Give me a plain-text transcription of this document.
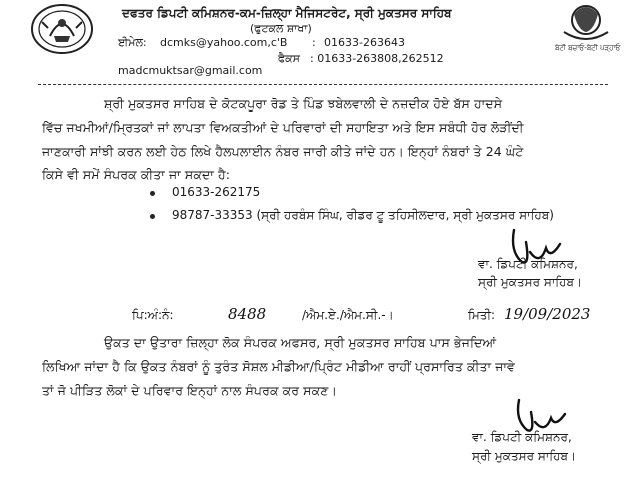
ਬੇਟੀ ਬਚਾਓ-ਬੇਟੀ ਪੜ੍ਹਾਓ
ਦਫਤਰ ਡਿਪਟੀ ਕਮਿਸ਼ਨਰ-ਕਮ-ਜ਼ਿਲ੍ਹਾ ਮੈਜਿਸਟਰੇਟ, ਸ੍ਰੀ ਮੁਕਤਸਰ ਸਾਹਿਬ
(ਫੁਟਕਲ ਸ਼ਾਖਾ)
ਈਮੇਲ: dcmks@yahoo.com,c'B : 01633-263643
ਫੈਕਸ : 01633-263808,262512
madcmuktsar@gmail.com
ਸ਼੍ਰੀ ਮੁਕਤਸਰ ਸਾਹਿਬ ਦੇ ਕੋਟਕਪੂਰਾ ਰੋਡ ਤੇ ਪਿੰਡ ਝਬੇਲਵਾਲੀ ਦੇ ਨਜ਼ਦੀਕ ਹੋਏ ਬੱਸ ਹਾਦਸੇ
ਵਿੱਚ ਜਖਮੀਆਂ/ਮ੍ਰਿਤਕਾਂ ਜਾਂ ਲਾਪਤਾ ਵਿਅਕਤੀਆਂ ਦੇ ਪਰਿਵਾਰਾਂ ਦੀ ਸਹਾਇਤਾ ਅਤੇ ਇਸ ਸਬੰਧੀ ਹੋਰ ਲੋੜੀਂਦੀ
ਜਾਣਕਾਰੀ ਸਾਂਝੀ ਕਰਨ ਲਈ ਹੇਠ ਲਿਖੇ ਹੈਲਪਲਾਈਨ ਨੰਬਰ ਜਾਰੀ ਕੀਤੇ ਜਾਂਦੇ ਹਨ। ਇਨ੍ਹਾਂ ਨੰਬਰਾਂ ਤੇ 24 ਘੰਟੇ
ਕਿਸੇ ਵੀ ਸਮੇਂ ਸੰਪਰਕ ਕੀਤਾ ਜਾ ਸਕਦਾ ਹੈ:
01633-262175
98787-33353 (ਸ੍ਰੀ ਹਰਬੰਸ ਸਿੰਘ, ਰੀਡਰ ਟੂ ਤਹਿਸੀਲਦਾਰ, ਸ੍ਰੀ ਮੁਕਤਸਰ ਸਾਹਿਬ)
ਵਾ. ਡਿਪਟੀ ਕਮਿਸ਼ਨਰ,
ਸ੍ਰੀ ਮੁਕਤਸਰ ਸਾਹਿਬ।
ਪਿ:ਅੰ:ਨੰ:	8488	/ਐਮ.ਏ./ਐਮ.ਸੀ.-।	ਮਿਤੀ: 19/09/2023
ਉਕਤ ਦਾ ਉਤਾਰਾ ਜ਼ਿਲ੍ਹਾ ਲੋਕ ਸੰਪਰਕ ਅਫਸਰ, ਸ੍ਰੀ ਮੁਕਤਸਰ ਸਾਹਿਬ ਪਾਸ ਭੇਜਦਿਆਂ
ਲਿਖਿਆ ਜਾਂਦਾ ਹੈ ਕਿ ਉਕਤ ਨੰਬਰਾਂ ਨੂੰ ਤੁਰੰਤ ਸੋਸ਼ਲ ਮੀਡੀਆ/ਪ੍ਰਿੰਟ ਮੀਡੀਆ ਰਾਹੀਂ ਪ੍ਰਸਾਰਿਤ ਕੀਤਾ ਜਾਵੇ
ਤਾਂ ਜੋ ਪੀੜਿਤ ਲੋਕਾਂ ਦੇ ਪਰਿਵਾਰ ਇਨ੍ਹਾਂ ਨਾਲ ਸੰਪਰਕ ਕਰ ਸਕਣ।
ਵਾ. ਡਿਪਟੀ ਕਮਿਸ਼ਨਰ,
ਸ੍ਰੀ ਮੁਕਤਸਰ ਸਾਹਿਬ।
